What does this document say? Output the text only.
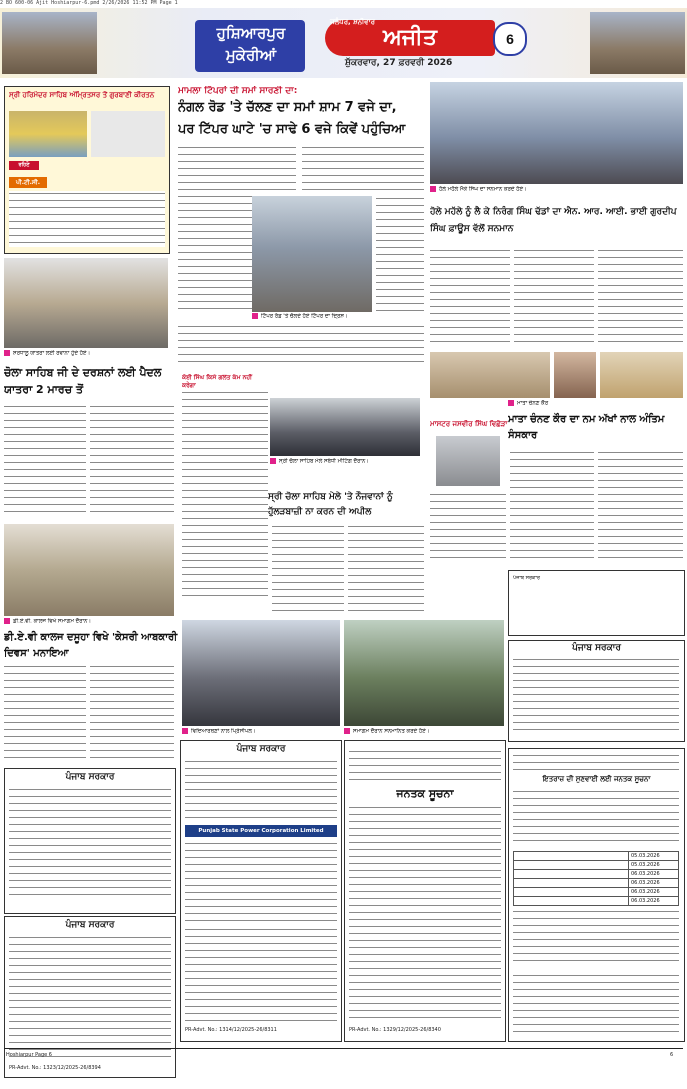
2 BO 600-06 Ajit Hoshiarpur-6.pmd 2/26/2026 11:52 PM Page 1
ਹੁਸ਼ਿਆਰਪੁਰ ਮੁਕੇਰੀਆਂ
ਅਜੀਤ
ਜਲੰਧਰ, ਸ਼ਨੀਵਾਰ
ਸ਼ੁੱਕਰਵਾਰ, 27 ਫ਼ਰਵਰੀ 2026
6
ਸ੍ਰੀ ਹਰਿਮੰਦਰ ਸਾਹਿਬ ਅੰਮ੍ਰਿਤਸਰ ਤੋਂ ਗੁਰਬਾਣੀ ਕੀਰਤਨ
ਰਹਿਣੋ
ਪੀ.ਟੀ.ਸੀ.
ਮਾਮਲਾ ਟਿੱਪਰਾਂ ਦੀ ਸਮਾਂ ਸਾਰਣੀ ਦਾ:
ਨੰਗਲ ਰੋਡ 'ਤੇ ਚੱਲਣ ਦਾ ਸਮਾਂ ਸ਼ਾਮ 7 ਵਜੇ ਦਾ,
ਪਰ ਟਿੱਪਰ ਘਾਟੇ 'ਚ ਸਾਢੇ 6 ਵਜੇ ਕਿਵੇਂ ਪਹੁੰਚਿਆ
ਟਿੱਪਰ ਰੋਡ 'ਤੇ ਚੱਲਦੇ ਹੋਏ ਟਿੱਪਰ ਦਾ ਦ੍ਰਿਸ਼।
ਹੋਲੇ ਮਹੱਲੇ ਮੌਕੇ ਸਿੰਘ ਦਾ ਸਨਮਾਨ ਕਰਦੇ ਹੋਏ।
ਹੋਲੇ ਮਹੱਲੇ ਨੂੰ ਲੈ ਕੇ ਨਿਰੰਗ ਸਿੰਘ ਢੱਡਾਂ ਦਾ ਐਨ. ਆਰ. ਆਈ. ਭਾਈ ਗੁਰਦੀਪ ਸਿੰਘ ਫ਼ਾਊਸ ਵੱਲੋਂ ਸਨਮਾਨ
ਸ਼ਰਧਾਲੂ ਯਾਤਰਾ ਲਈ ਰਵਾਨਾ ਹੁੰਦੇ ਹੋਏ।
ਚੋਲਾ ਸਾਹਿਬ ਜੀ ਦੇ ਦਰਸ਼ਨਾਂ ਲਈ ਪੈਦਲ ਯਾਤਰਾ 2 ਮਾਰਚ ਤੋਂ
ਕੋਈ ਸਿੰਘ ਕਿਸੇ ਗਲਤ ਕੰਮ ਨਹੀਂ ਕਰੇਗਾ
ਸ੍ਰੀ ਚੋਲਾ ਸਾਹਿਬ ਮੇਲੇ ਸਬੰਧੀ ਮੀਟਿੰਗ ਦੌਰਾਨ।
ਸ੍ਰੀ ਚੋਲਾ ਸਾਹਿਬ ਮੇਲੇ 'ਤੇ ਨੌਜਵਾਨਾਂ ਨੂੰ ਹੁੱਲੜਬਾਜ਼ੀ ਨਾ ਕਰਨ ਦੀ ਅਪੀਲ
ਮਾਤਾ ਚੰਨਣ ਕੌਰ
ਮਾਸਟਰ ਜਸਵੀਰ ਸਿੰਘ ਵਿਛੋੜਾ ਮਾਤਾ ਚੰਨਣ ਕੌਰ ਦਾ ਨਮ ਅੱਖਾਂ ਨਾਲ ਅੰਤਿਮ ਸੰਸਕਾਰ
ਡੀ.ਏ.ਵੀ. ਕਾਲਜ ਵਿਖੇ ਸਮਾਗਮ ਦੌਰਾਨ।
ਡੀ.ਏ.ਵੀ ਕਾਲਜ ਦਸੂਹਾ ਵਿਖੇ 'ਕੇਸਰੀ ਆਬਕਾਰੀ ਦਿਵਸ' ਮਨਾਇਆ
ਵਿਦਿਆਰਥਣਾਂ ਨਾਲ ਪ੍ਰਿੰਸੀਪਲ।	ਸਮਾਗਮ ਦੌਰਾਨ ਸਨਮਾਨਿਤ ਕਰਦੇ ਹੋਏ।
ਪੰਜਾਬ ਸਰਕਾਰ
ਪੰਜਾਬ ਸਰਕਾਰ
ਪੰਜਾਬ ਸਰਕਾਰ
ਪੰਜਾਬ ਸਰਕਾਰ
PR-Advt. No.: 1323/12/2025-26/8394
ਪੰਜਾਬ ਸਰਕਾਰ
Punjab State Power Corporation Limited
PR-Advt. No.: 1314/12/2025-26/8311
ਜਨਤਕ ਸੂਚਨਾ
PR-Advt. No.: 1329/12/2025-26/8340
ਇਤਰਾਜ਼ ਦੀ ਸੁਣਵਾਈ ਲਈ ਜਨਤਕ ਸੂਚਨਾ
	05.03.2026
	05.03.2026
	06.03.2026
	06.03.2026
	06.03.2026
	06.03.2026
Hoshiarpur Page 6	6
